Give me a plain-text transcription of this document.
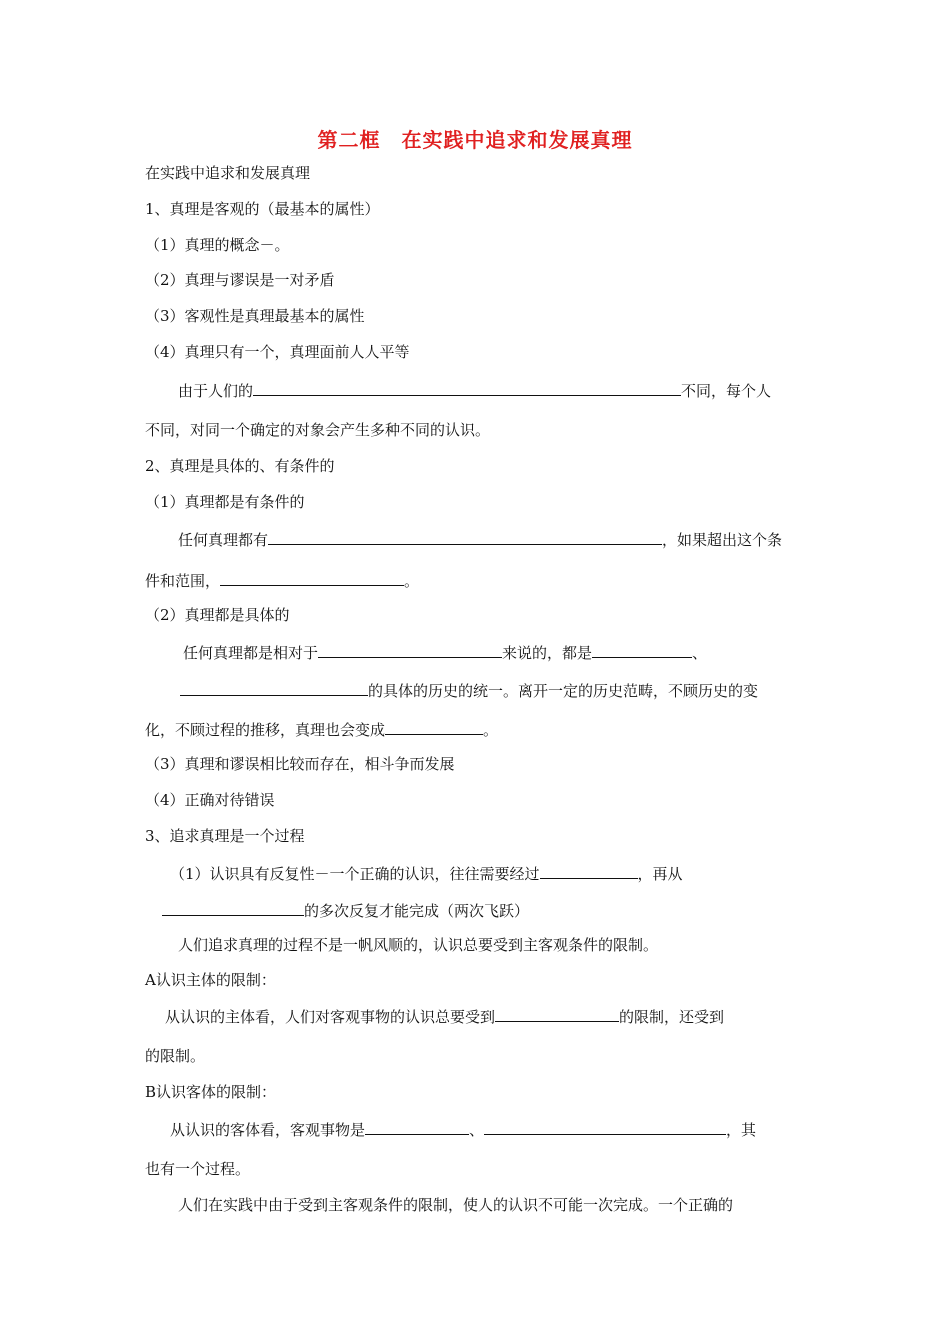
第二框　在实践中追求和发展真理
在实践中追求和发展真理
1、真理是客观的（最基本的属性）
（1）真理的概念－。
（2）真理与谬误是一对矛盾
（3）客观性是真理最基本的属性
（4）真理只有一个，真理面前人人平等
由于人们的	不同，每个人
不同，对同一个确定的对象会产生多种不同的认识。
2、真理是具体的、有条件的
（1）真理都是有条件的
任何真理都有	，如果超出这个条
件和范围，	。
（2）真理都是具体的
任何真理都是相对于	来说的，都是	、
的具体的历史的统一。离开一定的历史范畴，不顾历史的变
化，不顾过程的推移，真理也会变成	。
（3）真理和谬误相比较而存在，相斗争而发展
（4）正确对待错误
3、追求真理是一个过程
（1）认识具有反复性－一个正确的认识，往往需要经过	，再从
的多次反复才能完成（两次飞跃）
人们追求真理的过程不是一帆风顺的，认识总要受到主客观条件的限制。
A认识主体的限制：
从认识的主体看，人们对客观事物的认识总要受到	的限制，还受到
的限制。
B认识客体的限制：
从认识的客体看，客观事物是	、	，其
也有一个过程。
人们在实践中由于受到主客观条件的限制，使人的认识不可能一次完成。一个正确的
